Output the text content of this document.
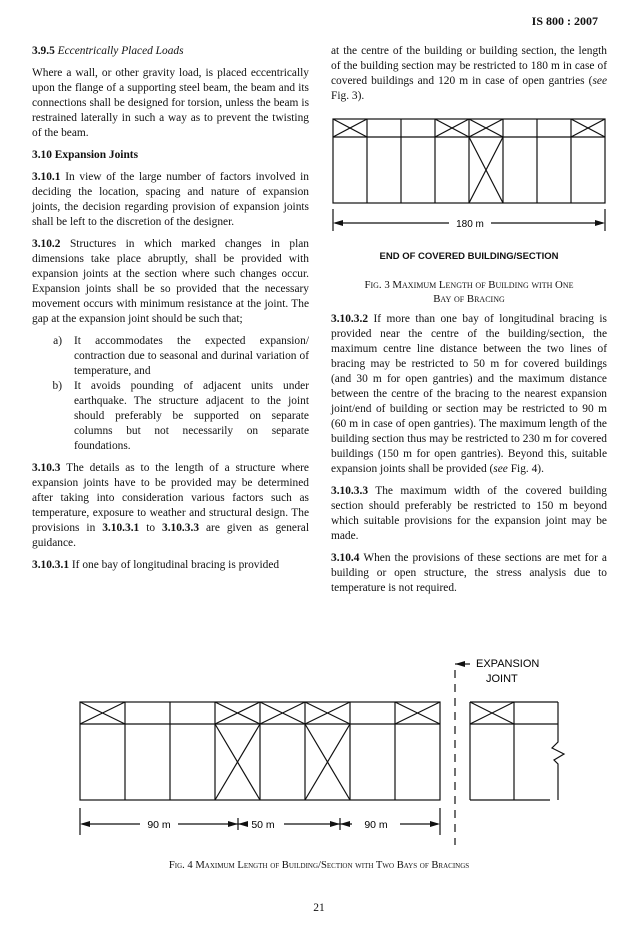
IS 800 : 2007

3.9.5 Eccentrically Placed Loads

Where a wall, or other gravity load, is placed eccentrically upon the flange of a supporting steel beam, the beam and its connections shall be designed for torsion, unless the beam is restrained laterally in such a way as to prevent the twisting of the beam.

3.10 Expansion Joints

3.10.1 In view of the large number of factors involved in deciding the location, spacing and nature of expansion joints, the decision regarding provision of expansion joints shall be left to the discretion of the designer.

3.10.2 Structures in which marked changes in plan dimensions take place abruptly, shall be provided with expansion joints at the section where such changes occur. Expansion joints shall be so provided that the necessary movement occurs with minimum resistance at the joint. The gap at the expansion joint should be such that;

a)	It accommodates the expected expansion/ contraction due to seasonal and durinal variation of temperature, and
b)	It avoids pounding of adjacent units under earthquake. The structure adjacent to the joint should preferably be supported on separate columns but not necessarily on separate foundations.

3.10.3 The details as to the length of a structure where expansion joints have to be provided may be determined after taking into consideration various factors such as temperature, exposure to weather and structural design. The provisions in 3.10.3.1 to 3.10.3.3 are given as general guidance.

3.10.3.1 If one bay of longitudinal bracing is provided

at the centre of the building or building section, the length of the building section may be restricted to 180 m in case of covered buildings and 120 m in case of open gantries (see Fig. 3).

180 m
END OF COVERED BUILDING/SECTION
Fig. 3 Maximum Length of Building with One
Bay of Bracing

3.10.3.2 If more than one bay of longitudinal bracing is provided near the centre of the building/section, the maximum centre line distance between the two lines of bracing may be restricted to 50 m for covered buildings (and 30 m for open gantries) and the maximum distance between the centre of the bracing to the nearest expansion joint/end of building or section may be restricted to 90 m (60 m in case of open gantries). The maximum length of the building section thus may be restricted to 230 m for covered buildings (150 m for open gantries). Beyond this, suitable expansion joints shall be provided (see Fig. 4).

3.10.3.3 The maximum width of the covered building section should preferably be restricted to 150 m beyond which suitable provisions for the expansion joint may be made.

3.10.4 When the provisions of these sections are met for a building or open structure, the stress analysis due to temperature is not required.

EXPANSION
JOINT
90 m	50 m	90 m
Fig. 4 Maximum Length of Building/Section with Two Bays of Bracings
21
